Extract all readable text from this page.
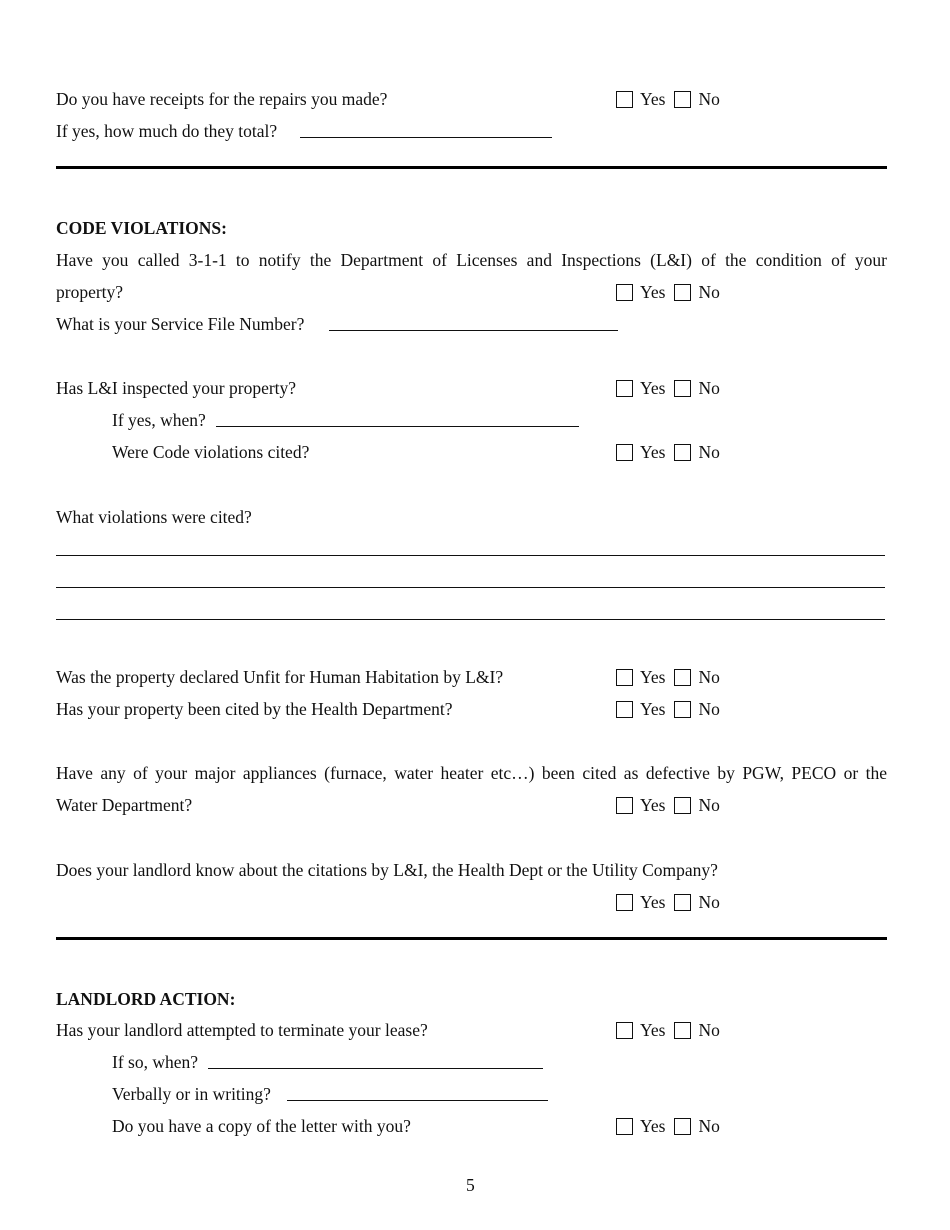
Do you have receipts for the repairs you made?	Yes No
If yes, how much do they total?
CODE VIOLATIONS:
Have you called 3-1-1 to notify the Department of Licenses and Inspections (L&I) of the condition of your
property?	Yes No
What is your Service File Number?
Has L&I inspected your property?	Yes No
If yes, when?
Were Code violations cited?	Yes No
What violations were cited?
Was the property declared Unfit for Human Habitation by L&I?	Yes No
Has your property been cited by the Health Department?	Yes No
Have any of your major appliances (furnace, water heater etc…) been cited as defective by PGW, PECO or the
Water Department?	Yes No
Does your landlord know about the citations by L&I, the Health Dept or the Utility Company?
Yes No
LANDLORD ACTION:
Has your landlord attempted to terminate your lease?	Yes No
If so, when?
Verbally or in writing?
Do you have a copy of the letter with you?	Yes No
5
